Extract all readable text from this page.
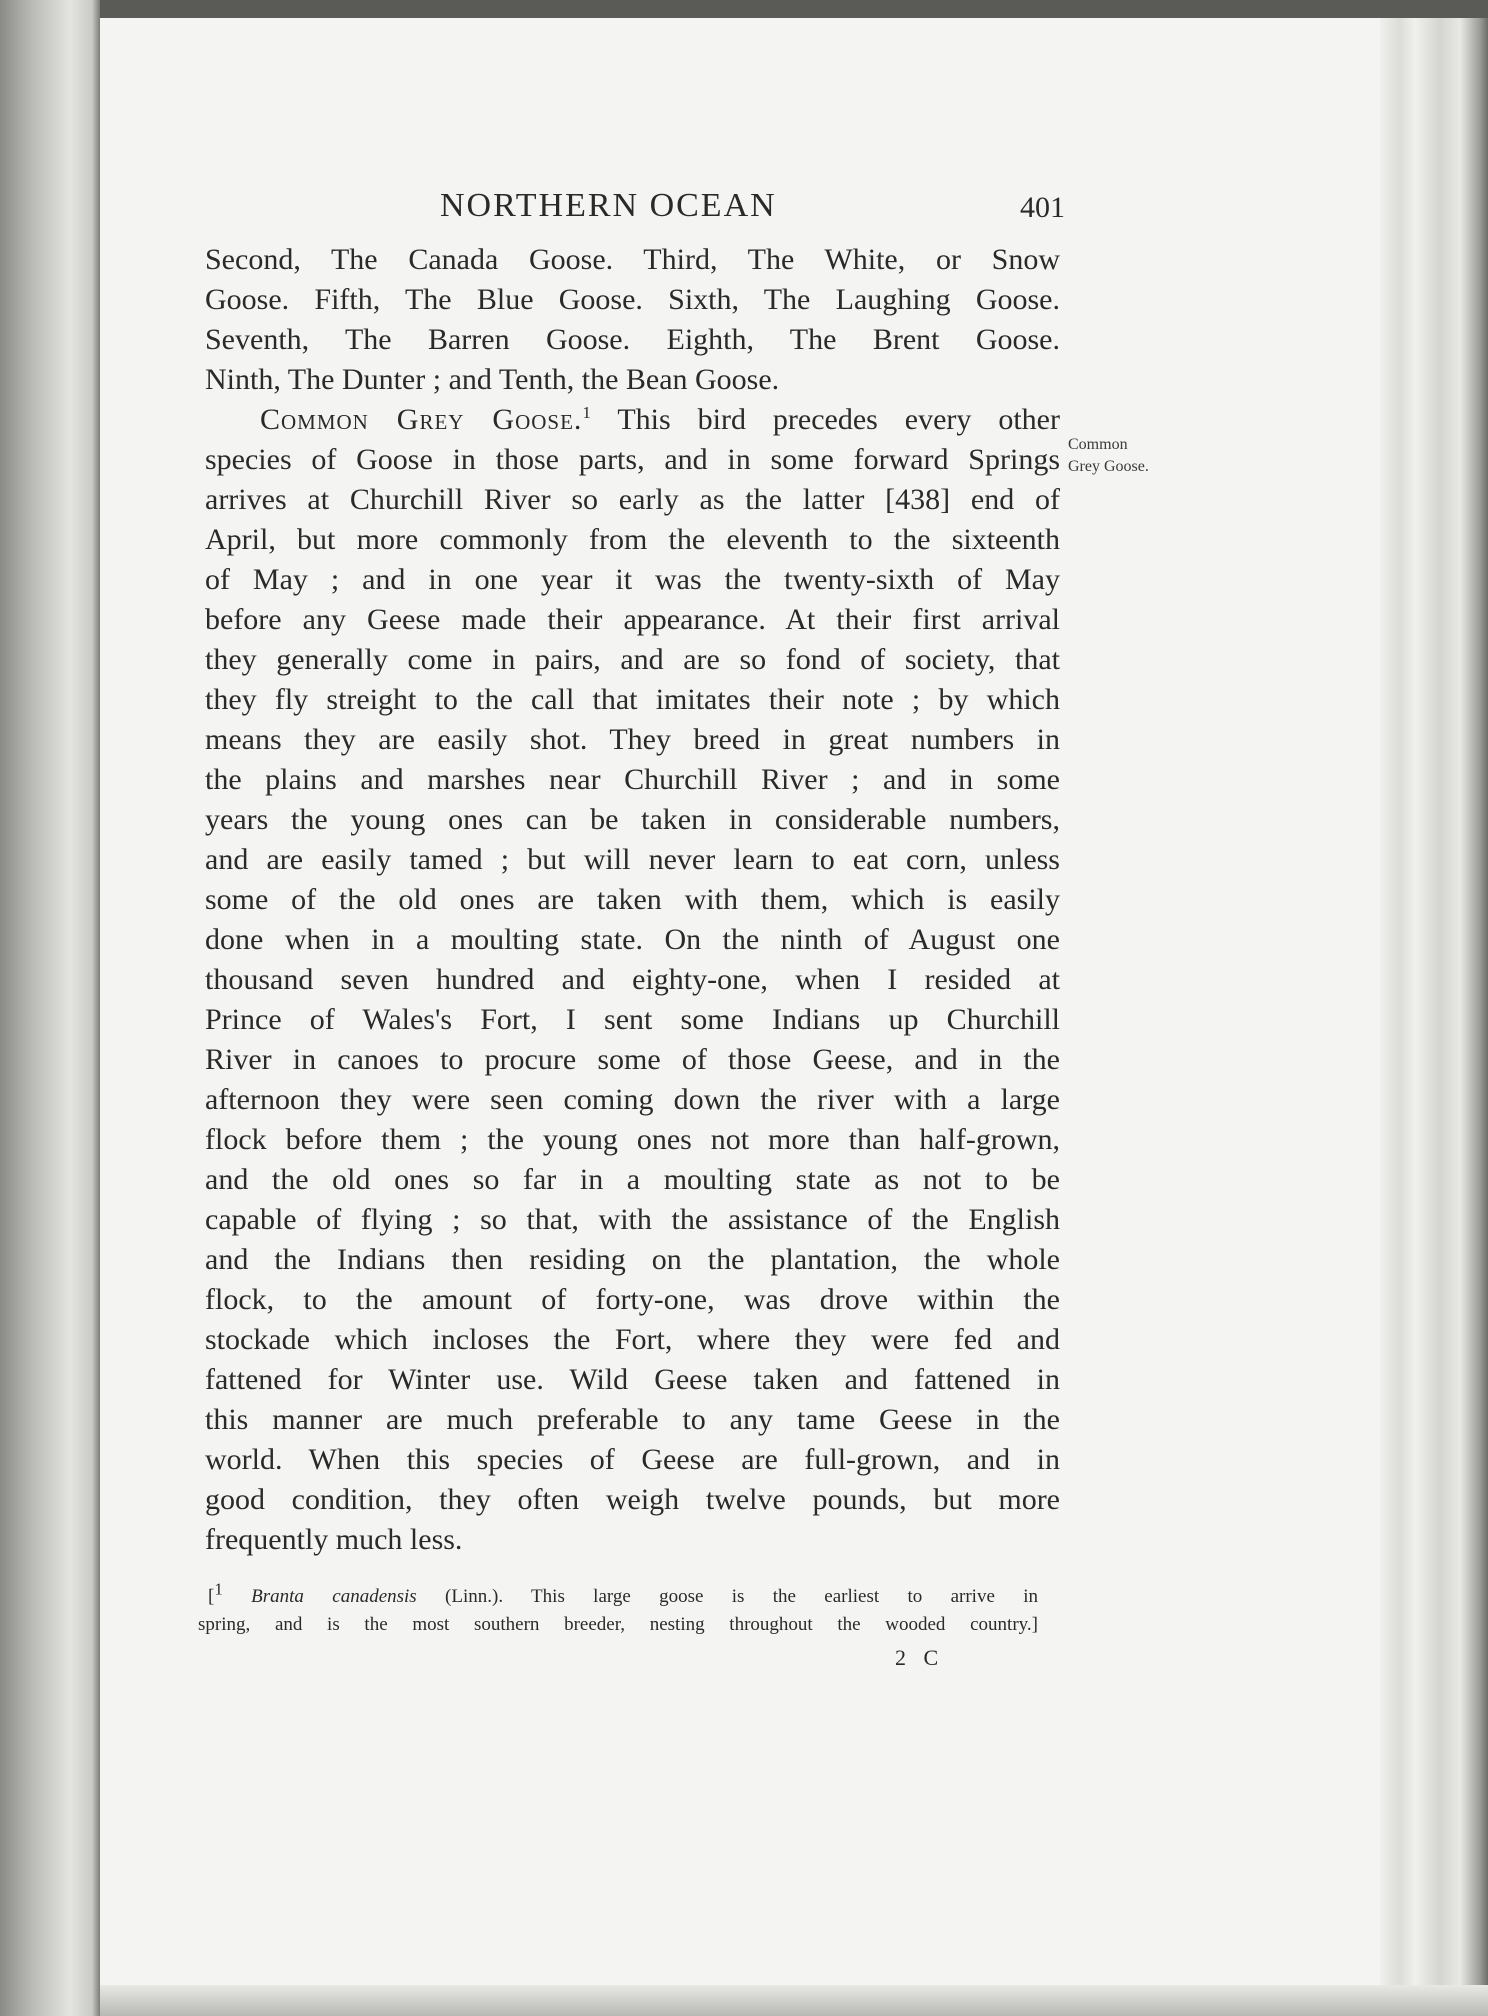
NORTHERN OCEAN	401
Second, The Canada Goose. Third, The White, or Snow
Goose. Fifth, The Blue Goose. Sixth, The Laughing Goose.
Seventh, The Barren Goose. Eighth, The Brent Goose.
Ninth, The Dunter ; and Tenth, the Bean Goose.
Common Grey Goose.$^1$ This bird precedes every other
species of Goose in those parts, and in some forward Springs
arrives at Churchill River so early as the latter [438] end of
April, but more commonly from the eleventh to the sixteenth
of May ; and in one year it was the twenty-sixth of May
before any Geese made their appearance. At their first arrival
they generally come in pairs, and are so fond of society, that
they fly streight to the call that imitates their note ; by which
means they are easily shot. They breed in great numbers in
the plains and marshes near Churchill River ; and in some
years the young ones can be taken in considerable numbers,
and are easily tamed ; but will never learn to eat corn, unless
some of the old ones are taken with them, which is easily
done when in a moulting state. On the ninth of August one
thousand seven hundred and eighty-one, when I resided at
Prince of Wales's Fort, I sent some Indians up Churchill
River in canoes to procure some of those Geese, and in the
afternoon they were seen coming down the river with a large
flock before them ; the young ones not more than half-grown,
and the old ones so far in a moulting state as not to be
capable of flying ; so that, with the assistance of the English
and the Indians then residing on the plantation, the whole
flock, to the amount of forty-one, was drove within the
stockade which incloses the Fort, where they were fed and
fattened for Winter use. Wild Geese taken and fattened in
this manner are much preferable to any tame Geese in the
world. When this species of Geese are full-grown, and in
good condition, they often weigh twelve pounds, but more
frequently much less.
Common
Grey Goose.
[$^1$ Branta canadensis (Linn.). This large goose is the earliest to arrive in
spring, and is the most southern breeder, nesting throughout the wooded country.]
2 C
